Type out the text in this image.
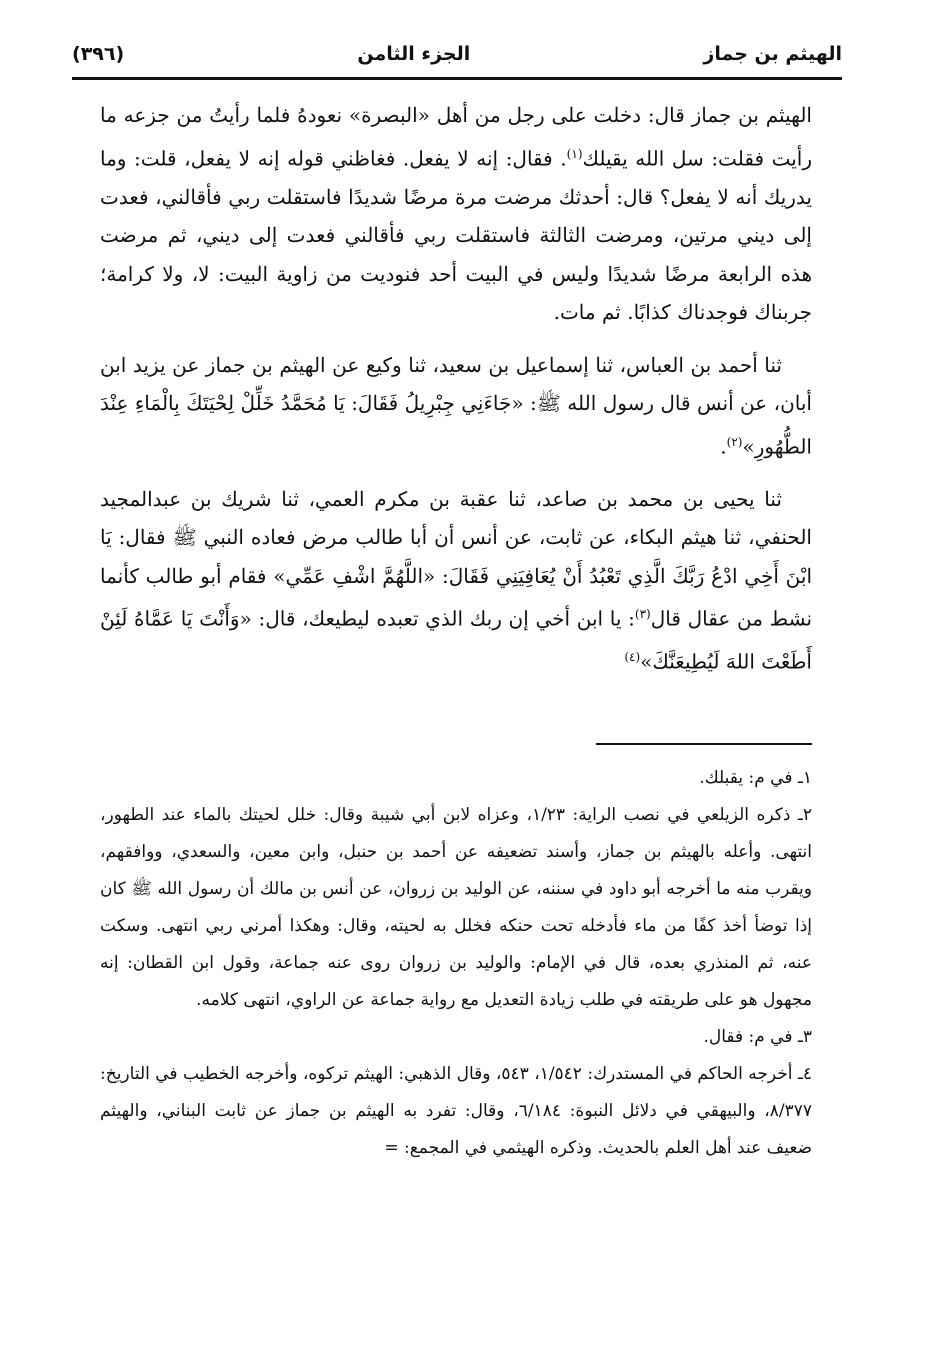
(٣٩٦)	الجزء الثامن	الهيثم بن جماز

الهيثم بن جماز قال: دخلت على رجل من أهل «البصرة» نعودهُ فلما رأيتُ من جزعه ما رأيت فقلت: سل الله يقيلك$^{(١)}$. فقال: إنه لا يفعل. فغاظني قوله إنه لا يفعل، قلت: وما يدريك أنه لا يفعل؟ قال: أحدثك مرضت مرة مرضًا شديدًا فاستقلت ربي فأقالني، فعدت إلى ديني مرتين، ومرضت الثالثة فاستقلت ربي فأقالني فعدت إلى ديني، ثم مرضت هذه الرابعة مرضًا شديدًا وليس في البيت أحد فنوديت من زاوية البيت: لا، ولا كرامة؛ جربناك فوجدناك كذابًا. ثم مات.

ثنا أحمد بن العباس، ثنا إسماعيل بن سعيد، ثنا وكيع عن الهيثم بن جماز عن يزيد ابن أبان، عن أنس قال رسول الله ﷺ: «جَاءَنِي جِبْرِيلُ فَقَالَ: يَا مُحَمَّدُ خَلِّلْ لِحْيَتَكَ بِالْمَاءِ عِنْدَ الطُّهُورِ»$^{(٢)}$.

ثنا يحيى بن محمد بن صاعد، ثنا عقبة بن مكرم العمي، ثنا شريك بن عبدالمجيد الحنفي، ثنا هيثم البكاء، عن ثابت، عن أنس أن أبا طالب مرض فعاده النبي ﷺ فقال: يَا ابْنَ أَخِي ادْعُ رَبَّكَ الَّذِي تَعْبُدُ أَنْ يُعَافِيَنِي فَقَالَ: «اللَّهُمَّ اشْفِ عَمِّي» فقام أبو طالب كأنما نشط من عقال قال$^{(٣)}$: يا ابن أخي إن ربك الذي تعبده ليطيعك، قال: «وَأَنْتَ يَا عَمَّاهُ لَئِنْ أَطَعْتَ اللهَ لَيُطِيعَنَّكَ»$^{(٤)}$

١ـ في م: يقبلك.

٢ـ ذكره الزيلعي في نصب الراية: ١/٢٣، وعزاه لابن أبي شيبة وقال: خلل لحيتك بالماء عند الطهور، انتهى. وأعله بالهيثم بن جماز، وأسند تضعيفه عن أحمد بن حنبل، وابن معين، والسعدي، ووافقهم، ويقرب منه ما أخرجه أبو داود في سننه، عن الوليد بن زروان، عن أنس بن مالك أن رسول الله ﷺ كان إذا توضأ أخذ كفًا من ماء فأدخله تحت حنكه فخلل به لحيته، وقال: وهكذا أمرني ربي انتهى. وسكت عنه، ثم المنذري بعده، قال في الإمام: والوليد بن زروان روى عنه جماعة، وقول ابن القطان: إنه مجهول هو على طريقته في طلب زيادة التعديل مع رواية جماعة عن الراوي، انتهى كلامه.

٣ـ في م: فقال.

٤ـ أخرجه الحاكم في المستدرك: ١/٥٤٢، ٥٤٣، وقال الذهبي: الهيثم تركوه، وأخرجه الخطيب في التاريخ: ٨/٣٧٧، والبيهقي في دلائل النبوة: ٦/١٨٤، وقال: تفرد به الهيثم بن جماز عن ثابت البناني، والهيثم ضعيف عند أهل العلم بالحديث. وذكره الهيثمي في المجمع: =
